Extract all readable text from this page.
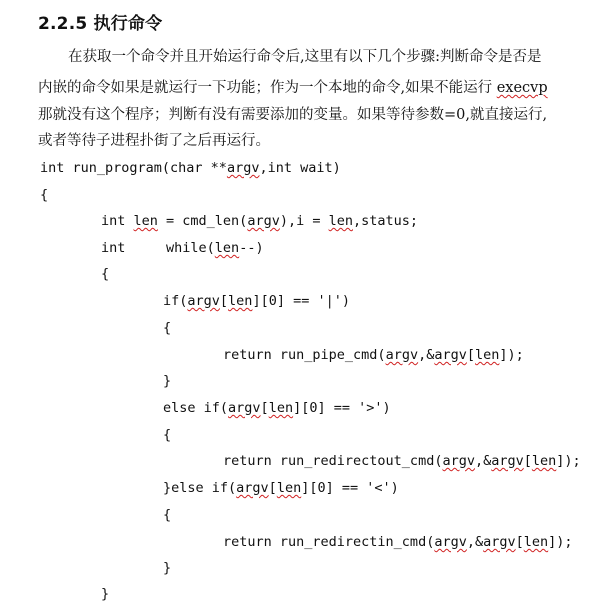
2.2.5 执行命令
在获取一个命令并且开始运行命令后,这里有以下几个步骤:判断命令是否是
内嵌的命令如果是就运行一下功能；作为一个本地的命令,如果不能运行 execvp
那就没有这个程序；判断有没有需要添加的变量。如果等待参数=0,就直接运行,
或者等待子进程扑街了之后再运行。
int run_program(char **argv,int wait)
{
int len = cmd_len(argv),i = len,status;
int     while(len--)
{
if(argv[len][0] == '|')
{
return run_pipe_cmd(argv,&argv[len]);
}
else if(argv[len][0] == '>')
{
return run_redirectout_cmd(argv,&argv[len]);
}else if(argv[len][0] == '<')
{
return run_redirectin_cmd(argv,&argv[len]);
}
}
